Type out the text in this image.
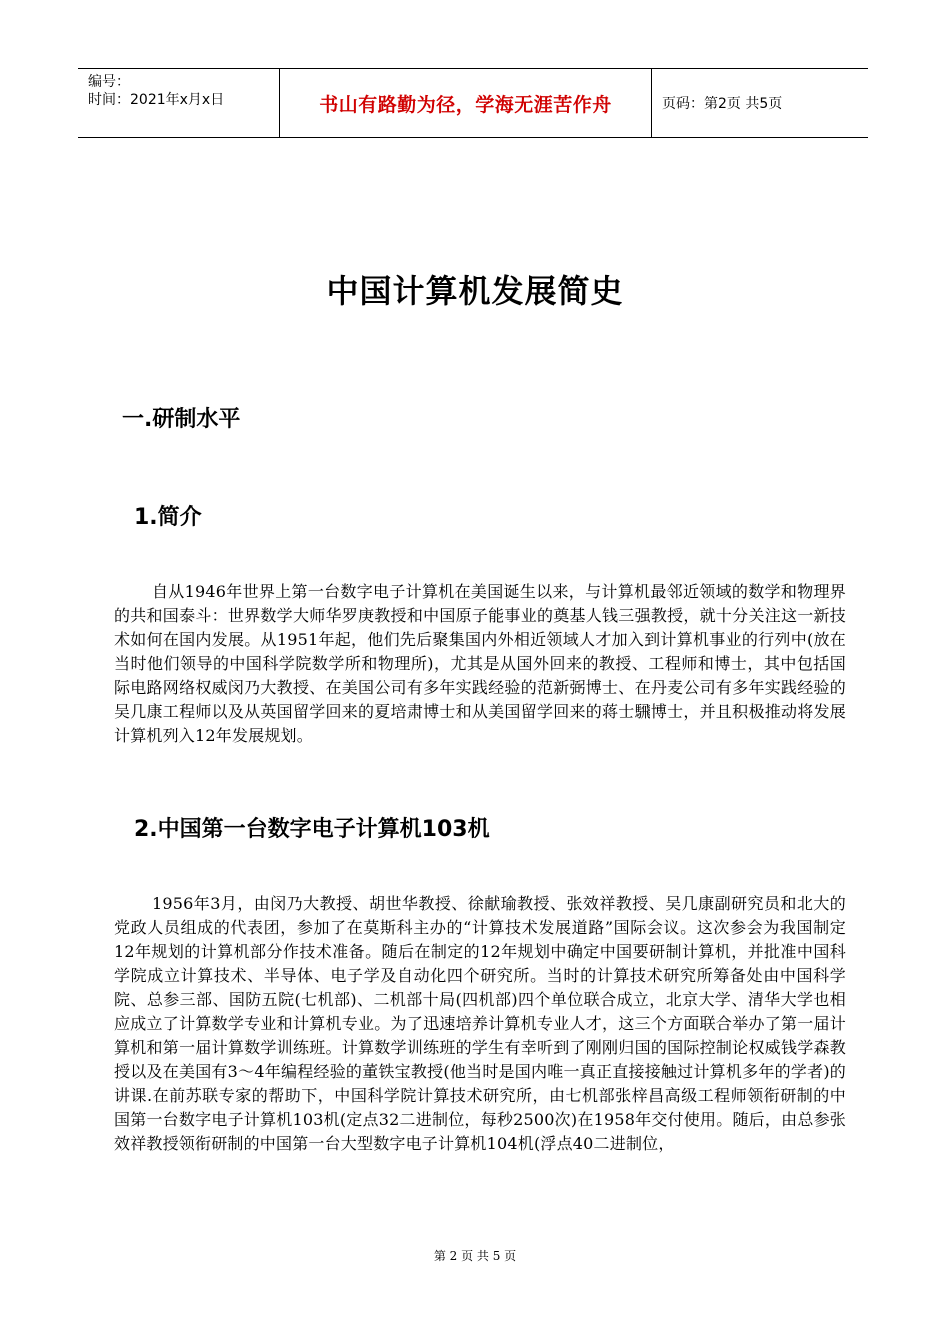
编号：
时间：2021年x月x日	书山有路勤为径，学海无涯苦作舟	页码：第2页 共5页
中国计算机发展简史
一.研制水平
1.简介
自从1946年世界上第一台数字电子计算机在美国诞生以来，与计算机最邻近领域的数学和物理界的共和国泰斗：世界数学大师华罗庚教授和中国原子能事业的奠基人钱三强教授，就十分关注这一新技术如何在国内发展。从1951年起，他们先后聚集国内外相近领域人才加入到计算机事业的行列中(放在当时他们领导的中国科学院数学所和物理所)，尤其是从国外回来的教授、工程师和博士，其中包括国际电路网络权威闵乃大教授、在美国公司有多年实践经验的范新弼博士、在丹麦公司有多年实践经验的吴几康工程师以及从英国留学回来的夏培肃博士和从美国留学回来的蒋士騛博士，并且积极推动将发展计算机列入12年发展规划。
2.中国第一台数字电子计算机103机
1956年3月，由闵乃大教授、胡世华教授、徐献瑜教授、张效祥教授、吴几康副研究员和北大的党政人员组成的代表团，参加了在莫斯科主办的“计算技术发展道路”国际会议。这次参会为我国制定12年规划的计算机部分作技术准备。随后在制定的12年规划中确定中国要研制计算机，并批准中国科学院成立计算技术、半导体、电子学及自动化四个研究所。当时的计算技术研究所筹备处由中国科学院、总参三部、国防五院(七机部)、二机部十局(四机部)四个单位联合成立，北京大学、清华大学也相应成立了计算数学专业和计算机专业。为了迅速培养计算机专业人才，这三个方面联合举办了第一届计算机和第一届计算数学训练班。计算数学训练班的学生有幸听到了刚刚归国的国际控制论权威钱学森教授以及在美国有3～4年编程经验的董铁宝教授(他当时是国内唯一真正直接接触过计算机多年的学者)的讲课.在前苏联专家的帮助下，中国科学院计算技术研究所，由七机部张梓昌高级工程师领衔研制的中国第一台数字电子计算机103机(定点32二进制位，每秒2500次)在1958年交付使用。随后，由总参张效祥教授领衔研制的中国第一台大型数字电子计算机104机(浮点40二进制位，
第 2 页 共 5 页
